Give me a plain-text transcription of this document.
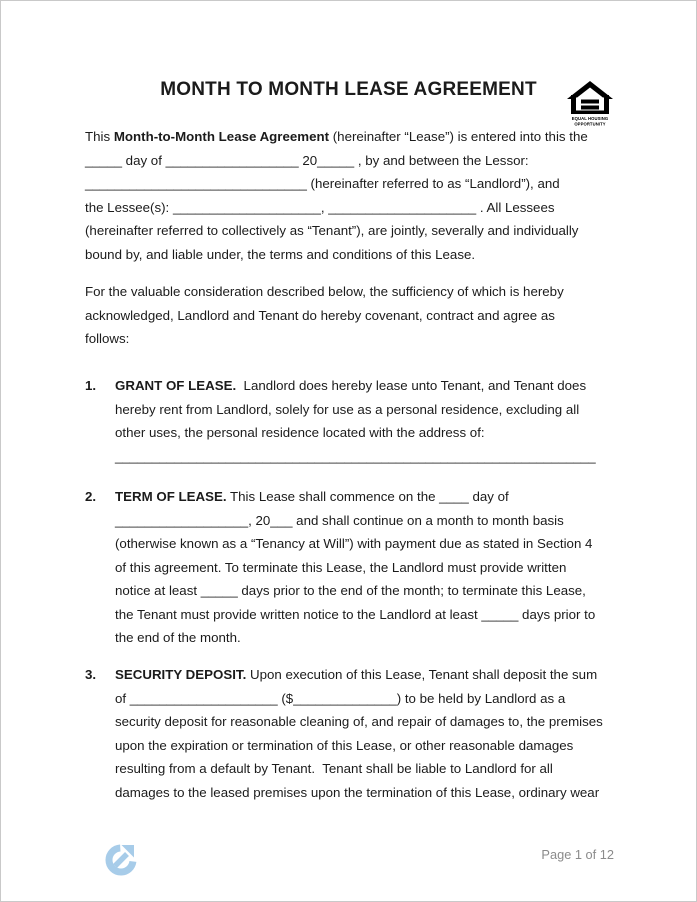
MONTH TO MONTH LEASE AGREEMENT
EQUAL HOUSING
OPPORTUNITY
This Month-to-Month Lease Agreement (hereinafter “Lease”) is entered into this the
_____ day of __________________ 20_____ , by and between the Lessor:
______________________________ (hereinafter referred to as “Landlord”), and
the Lessee(s): ____________________, ____________________ . All Lessees
(hereinafter referred to collectively as “Tenant”), are jointly, severally and individually
bound by, and liable under, the terms and conditions of this Lease.
For the valuable consideration described below, the sufficiency of which is hereby
acknowledged, Landlord and Tenant do hereby covenant, contract and agree as
follows:
1. GRANT OF LEASE.  Landlord does hereby lease unto Tenant, and Tenant does
hereby rent from Landlord, solely for use as a personal residence, excluding all
other uses, the personal residence located with the address of:
_________________________________________________________________
2. TERM OF LEASE. This Lease shall commence on the ____ day of
__________________, 20___ and shall continue on a month to month basis
(otherwise known as a “Tenancy at Will”) with payment due as stated in Section 4
of this agreement. To terminate this Lease, the Landlord must provide written
notice at least _____ days prior to the end of the month; to terminate this Lease,
the Tenant must provide written notice to the Landlord at least _____ days prior to
the end of the month.
3. SECURITY DEPOSIT. Upon execution of this Lease, Tenant shall deposit the sum
of ____________________ ($______________) to be held by Landlord as a
security deposit for reasonable cleaning of, and repair of damages to, the premises
upon the expiration or termination of this Lease, or other reasonable damages
resulting from a default by Tenant.  Tenant shall be liable to Landlord for all
damages to the leased premises upon the termination of this Lease, ordinary wear
Page 1 of 12
